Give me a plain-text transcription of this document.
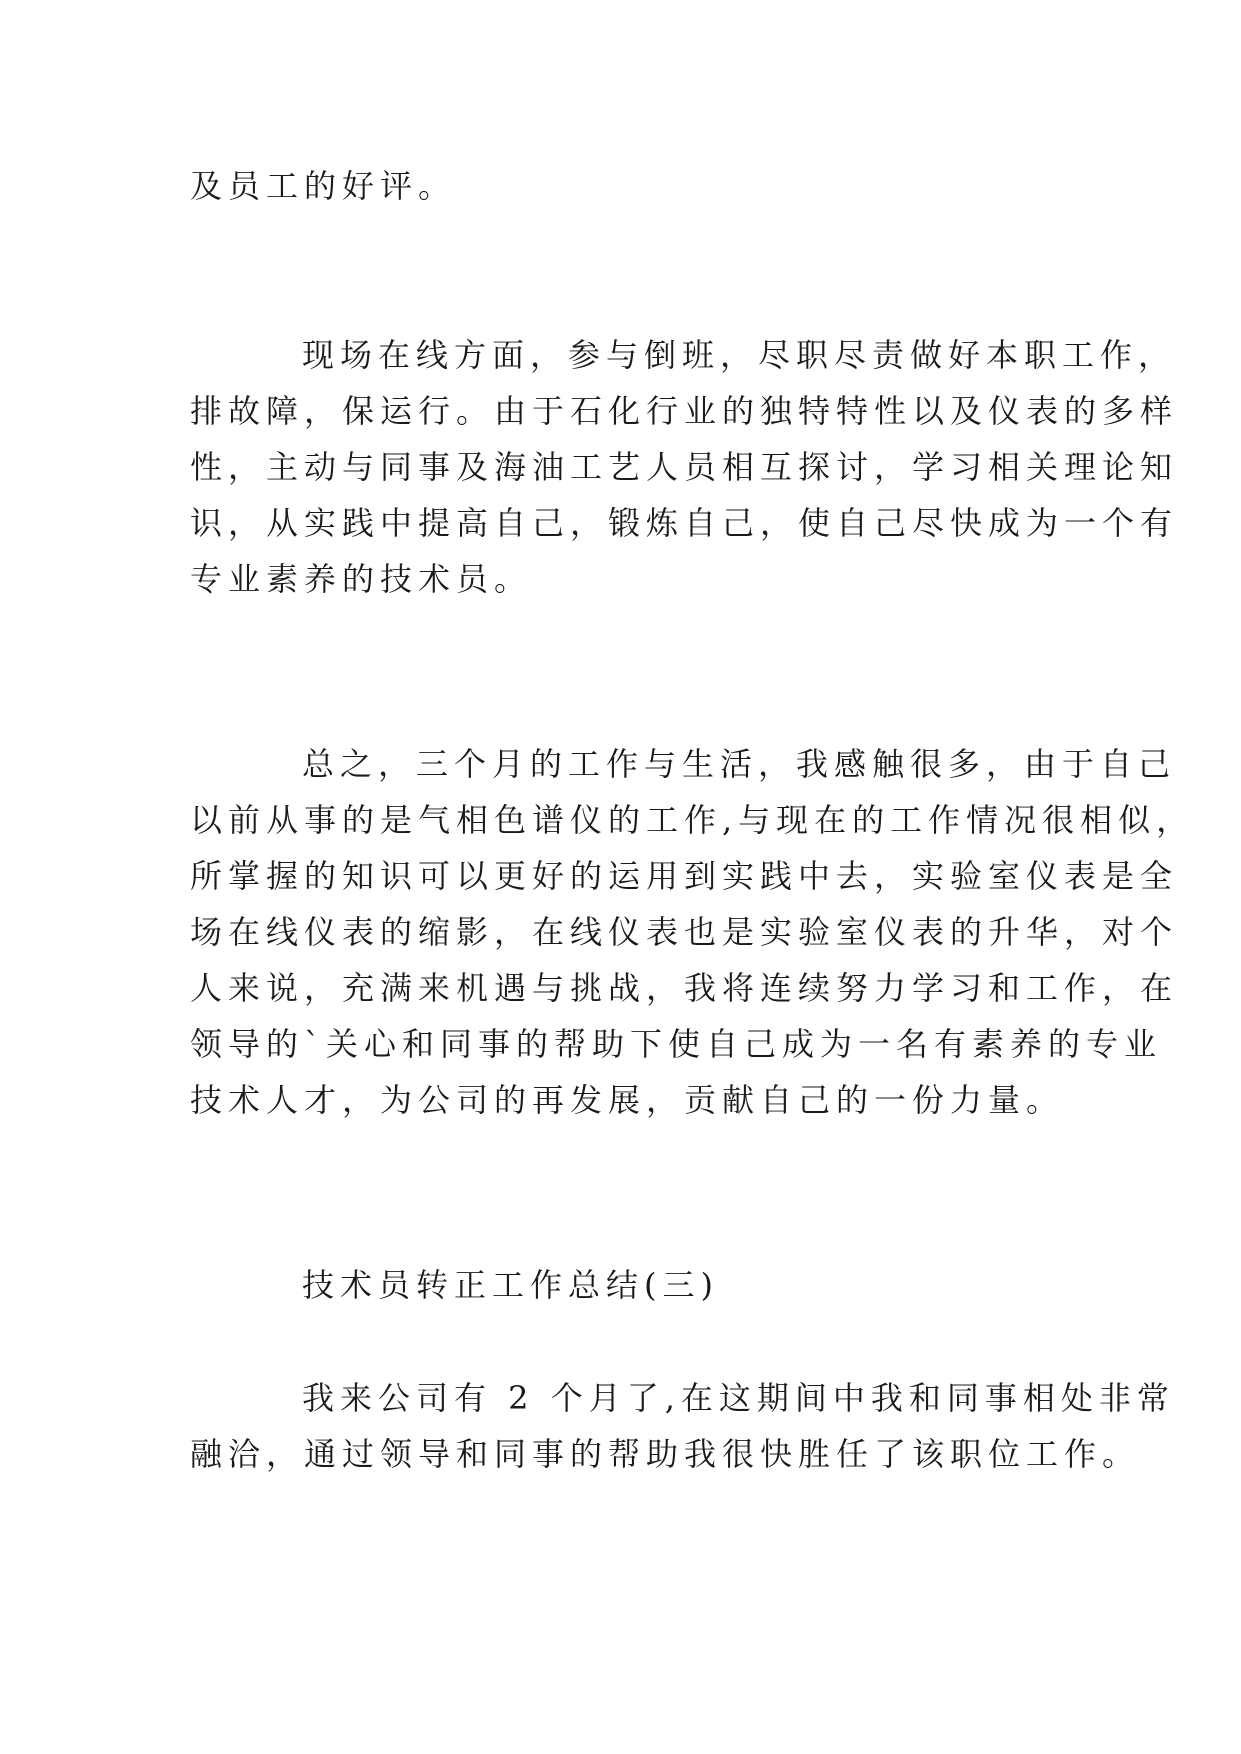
及员工的好评。
现场在线方面，参与倒班，尽职尽责做好本职工作，
排故障，保运行。由于石化行业的独特特性以及仪表的多样
性，主动与同事及海油工艺人员相互探讨，学习相关理论知
识，从实践中提高自己，锻炼自己，使自己尽快成为一个有
专业素养的技术员。
总之，三个月的工作与生活，我感触很多，由于自己
以前从事的是气相色谱仪的工作,与现在的工作情况很相似，
所掌握的知识可以更好的运用到实践中去，实验室仪表是全
场在线仪表的缩影，在线仪表也是实验室仪表的升华，对个
人来说，充满来机遇与挑战，我将连续努力学习和工作，在
领导的`关心和同事的帮助下使自己成为一名有素养的专业
技术人才，为公司的再发展，贡献自己的一份力量。
技术员转正工作总结(三)
我来公司有 2 个月了,在这期间中我和同事相处非常
融洽，通过领导和同事的帮助我很快胜任了该职位工作。
